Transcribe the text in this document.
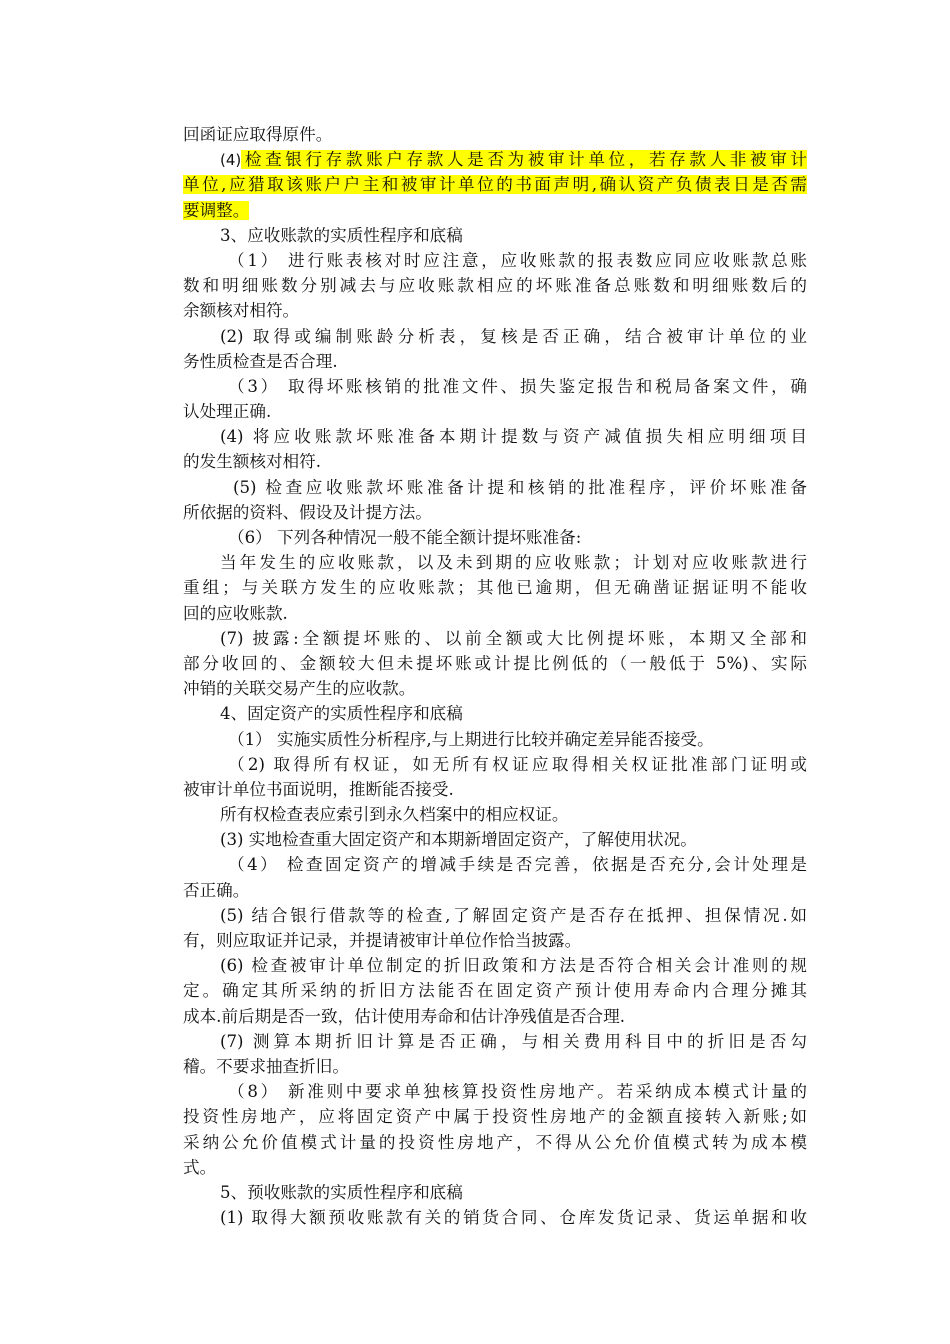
回函证应取得原件。
(4)检查银行存款账户存款人是否为被审计单位，若存款人非被审计
单位,应猎取该账户户主和被审计单位的书面声明,确认资产负债表日是否需
要调整。
3、应收账款的实质性程序和底稿
（1） 进行账表核对时应注意，应收账款的报表数应同应收账款总账
数和明细账数分别减去与应收账款相应的坏账准备总账数和明细账数后的
余额核对相符。
(2) 取得或编制账龄分析表，复核是否正确，结合被审计单位的业
务性质检查是否合理.
（3） 取得坏账核销的批准文件、损失鉴定报告和税局备案文件，确
认处理正确.
(4) 将应收账款坏账准备本期计提数与资产减值损失相应明细项目
的发生额核对相符.
(5) 检查应收账款坏账准备计提和核销的批准程序，评价坏账准备
所依据的资料、假设及计提方法。
（6） 下列各种情况一般不能全额计提坏账准备:
当年发生的应收账款，以及未到期的应收账款；计划对应收账款进行
重组；与关联方发生的应收账款；其他已逾期，但无确凿证据证明不能收
回的应收账款.
(7) 披露:全额提坏账的、以前全额或大比例提坏账，本期又全部和
部分收回的、金额较大但未提坏账或计提比例低的（一般低于 5%)、实际
冲销的关联交易产生的应收款。
4、固定资产的实质性程序和底稿
（1） 实施实质性分析程序,与上期进行比较并确定差异能否接受。
（2) 取得所有权证，如无所有权证应取得相关权证批准部门证明或
被审计单位书面说明，推断能否接受.
所有权检查表应索引到永久档案中的相应权证。
(3) 实地检查重大固定资产和本期新增固定资产，了解使用状况。
（4） 检查固定资产的增减手续是否完善，依据是否充分,会计处理是
否正确。
(5) 结合银行借款等的检查,了解固定资产是否存在抵押、担保情况.如
有，则应取证并记录，并提请被审计单位作恰当披露。
(6) 检查被审计单位制定的折旧政策和方法是否符合相关会计准则的规
定。确定其所采纳的折旧方法能否在固定资产预计使用寿命内合理分摊其
成本.前后期是否一致，估计使用寿命和估计净残值是否合理.
(7) 测算本期折旧计算是否正确，与相关费用科目中的折旧是否勾
稽。不要求抽查折旧。
（8） 新准则中要求单独核算投资性房地产。若采纳成本模式计量的
投资性房地产，应将固定资产中属于投资性房地产的金额直接转入新账;如
采纳公允价值模式计量的投资性房地产，不得从公允价值模式转为成本模
式。
5、预收账款的实质性程序和底稿
(1) 取得大额预收账款有关的销货合同、仓库发货记录、货运单据和收
